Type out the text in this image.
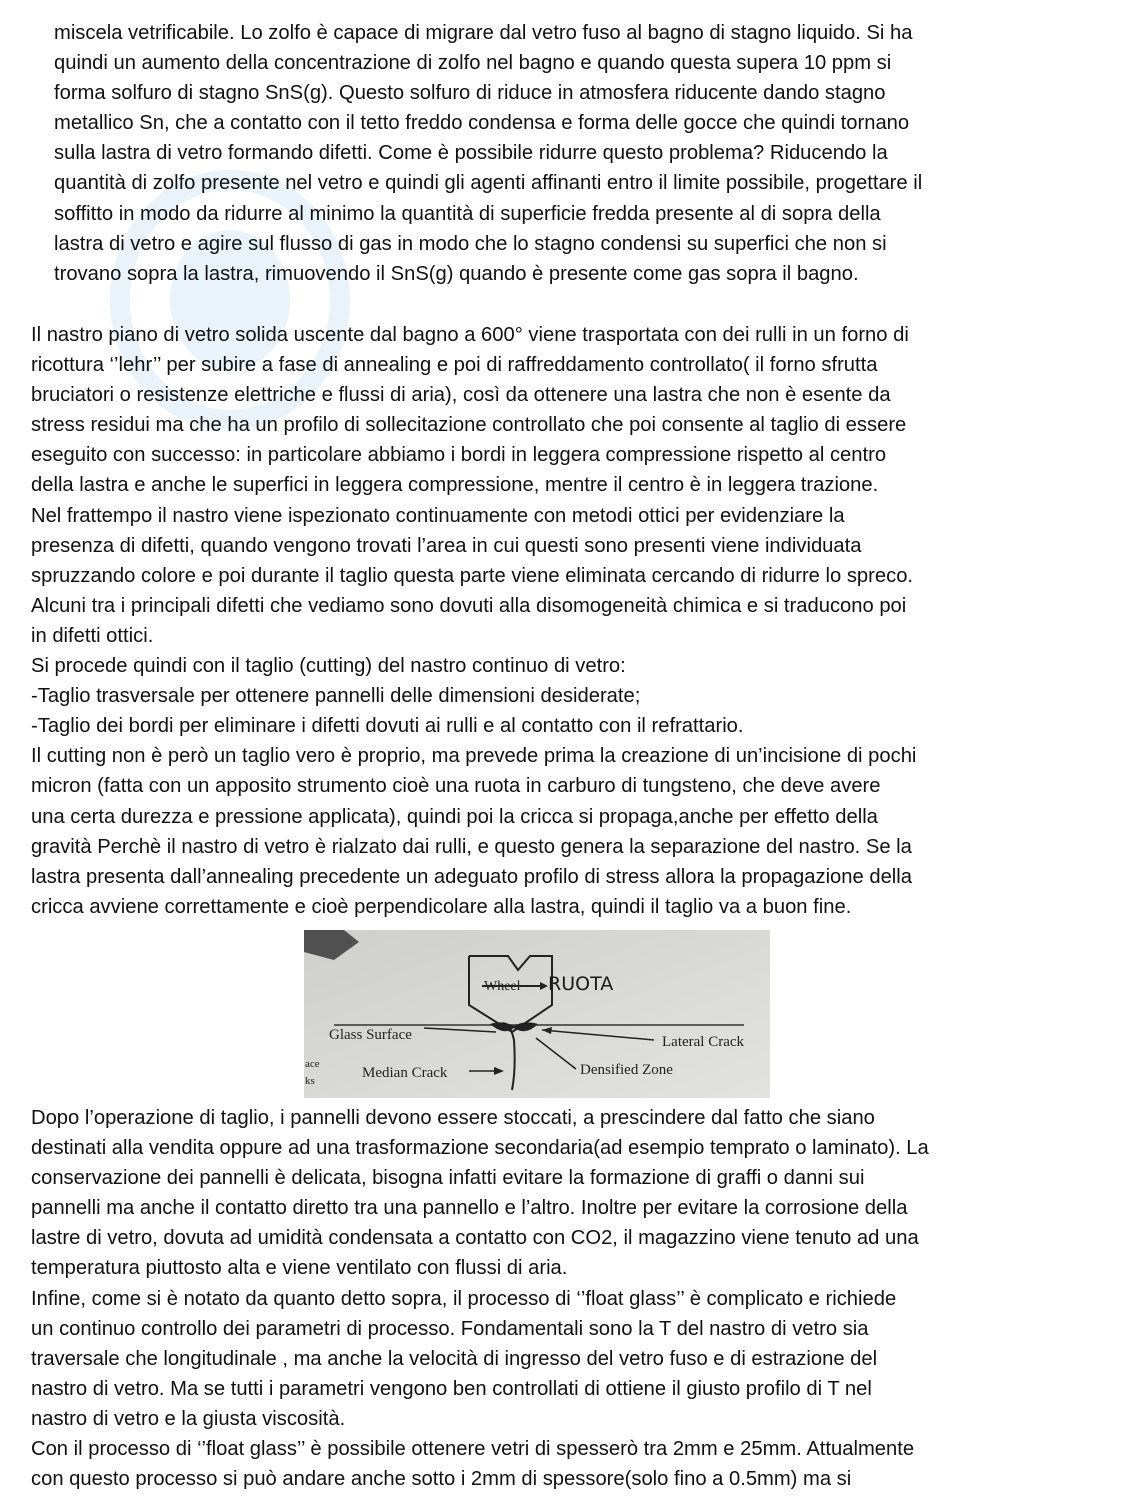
miscela vetrificabile. Lo zolfo è capace di migrare dal vetro fuso al bagno di stagno liquido. Si ha
quindi un aumento della concentrazione di zolfo nel bagno e quando questa supera 10 ppm si
forma solfuro di stagno SnS(g). Questo solfuro di riduce in atmosfera riducente dando stagno
metallico Sn, che a contatto con il tetto freddo condensa e forma delle gocce che quindi tornano
sulla lastra di vetro formando difetti. Come è possibile ridurre questo problema? Riducendo la
quantità di zolfo presente nel vetro e quindi gli agenti affinanti entro il limite possibile, progettare il
soffitto in modo da ridurre al minimo la quantità di superficie fredda presente al di sopra della
lastra di vetro e agire sul flusso di gas in modo che lo stagno condensi su superfici che non si
trovano sopra la lastra, rimuovendo il SnS(g) quando è presente come gas sopra il bagno.
Il nastro piano di vetro solida uscente dal bagno a 600° viene trasportata con dei rulli in un forno di
ricottura ‘’lehr’’ per subire a fase di annealing e poi di raffreddamento controllato( il forno sfrutta
bruciatori o resistenze elettriche e flussi di aria), così da ottenere una lastra che non è esente da
stress residui ma che ha un profilo di sollecitazione controllato che poi consente al taglio di essere
eseguito con successo: in particolare abbiamo i bordi in leggera compressione rispetto al centro
della lastra e anche le superfici in leggera compressione, mentre il centro è in leggera trazione.
Nel frattempo il nastro viene ispezionato continuamente con metodi ottici per evidenziare la
presenza di difetti, quando vengono trovati l’area in cui questi sono presenti viene individuata
spruzzando colore e poi durante il taglio questa parte viene eliminata cercando di ridurre lo spreco.
Alcuni tra i principali difetti che vediamo sono dovuti alla disomogeneità chimica e si traducono poi
in difetti ottici.
Si procede quindi con il taglio (cutting) del nastro continuo di vetro:
-Taglio trasversale per ottenere pannelli delle dimensioni desiderate;
-Taglio dei bordi per eliminare i difetti dovuti ai rulli e al contatto con il refrattario.
Il cutting non è però un taglio vero è proprio, ma prevede prima la creazione di un’incisione di pochi
micron (fatta con un apposito strumento cioè una ruota in carburo di tungsteno, che deve avere
una certa durezza e pressione applicata), quindi poi la cricca si propaga,anche per effetto della
gravità Perchè il nastro di vetro è rialzato dai rulli, e questo genera la separazione del nastro. Se la
lastra presenta dall’annealing precedente un adeguato profilo di stress allora la propagazione della
cricca avviene correttamente e cioè perpendicolare alla lastra, quindi il taglio va a buon fine.
Wheel RUOTA
Glass Surface	Lateral Crack
Median Crack	Densified Zone
ace
ks
Dopo l’operazione di taglio, i pannelli devono essere stoccati, a prescindere dal fatto che siano
destinati alla vendita oppure ad una trasformazione secondaria(ad esempio temprato o laminato). La
conservazione dei pannelli è delicata, bisogna infatti evitare la formazione di graffi o danni sui
pannelli ma anche il contatto diretto tra una pannello e l’altro. Inoltre per evitare la corrosione della
lastre di vetro, dovuta ad umidità condensata a contatto con CO2, il magazzino viene tenuto ad una
temperatura piuttosto alta e viene ventilato con flussi di aria.
Infine, come si è notato da quanto detto sopra, il processo di ‘’float glass’’ è complicato e richiede
un continuo controllo dei parametri di processo. Fondamentali sono la T del nastro di vetro sia
traversale che longitudinale , ma anche la velocità di ingresso del vetro fuso e di estrazione del
nastro di vetro. Ma se tutti i parametri vengono ben controllati di ottiene il giusto profilo di T nel
nastro di vetro e la giusta viscosità.
Con il processo di ‘’float glass’’ è possibile ottenere vetri di spesserò tra 2mm e 25mm. Attualmente
con questo processo si può andare anche sotto i 2mm di spessore(solo fino a 0.5mm) ma si
